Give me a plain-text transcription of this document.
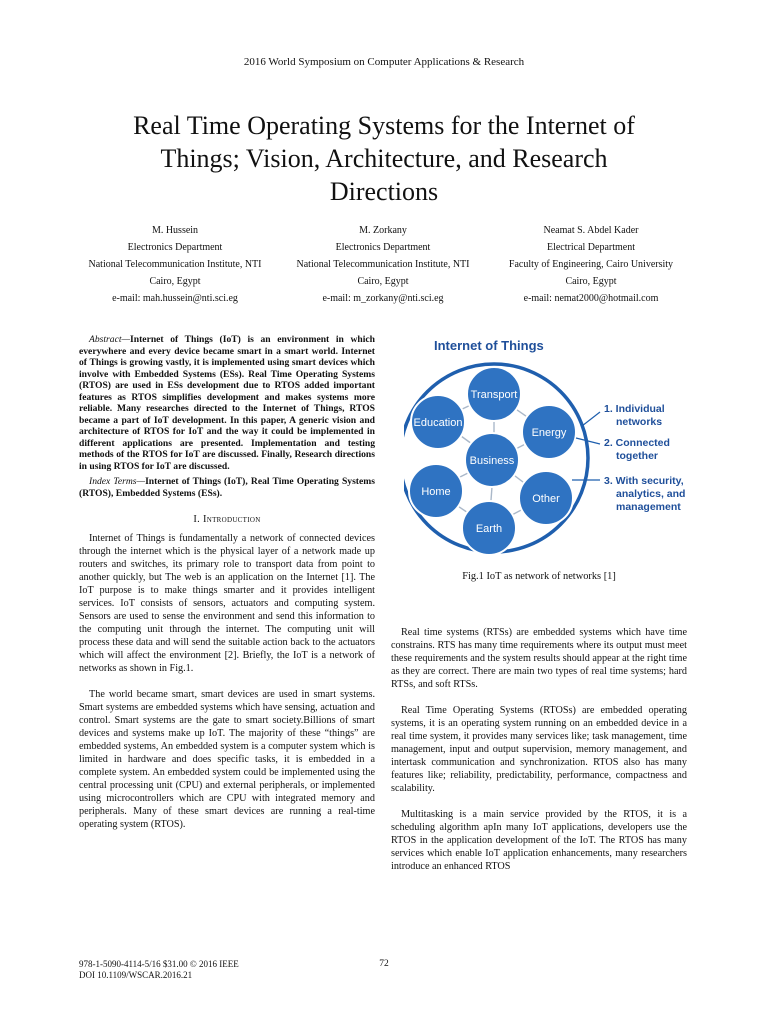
2016 World Symposium on Computer Applications & Research
Real Time Operating Systems for the Internet of
Things; Vision, Architecture, and Research
Directions
M. Hussein
Electronics Department
National Telecommunication Institute, NTI
Cairo, Egypt
e-mail: mah.hussein@nti.sci.eg
M. Zorkany
Electronics Department
National Telecommunication Institute, NTI
Cairo, Egypt
e-mail: m_zorkany@nti.sci.eg
Neamat S. Abdel Kader
Electrical Department
Faculty of Engineering, Cairo University
Cairo, Egypt
e-mail: nemat2000@hotmail.com

Abstract—Internet of Things (IoT) is an environment in which everywhere and every device became smart in a smart world. Internet of Things is growing vastly, it is implemented using smart devices which involve with Embedded Systems (ESs). Real Time Operating Systems (RTOS) are used in ESs development due to RTOS added important features as RTOS simplifies development and makes systems more reliable. Many researches directed to the Internet of Things, RTOS became a part of IoT development. In this paper, A generic vision and architecture of RTOS for IoT and the way it could be implemented in different applications are presented. Implementation and testing methods of the RTOS for IoT are discussed. Finally, Research directions in using RTOS for IoT are discussed.

Index Terms—Internet of Things (IoT), Real Time Operating Systems (RTOS), Embedded Systems (ESs).

I. Introduction

Internet of Things is fundamentally a network of connected devices through the internet which is the physical layer of a network made up routers and switches, its primary role to transport data from point to another quickly, but The web is an application on the Internet [1]. The IoT purpose is to make things smarter and it provides intelligent services. IoT consists of sensors, actuators and computing system. Sensors are used to sense the environment and send this information to the computing unit through the internet. The computing unit will process these data and will send the suitable action back to the actuators which will affect the environment [2]. Briefly, the IoT is a network of networks as shown in Fig.1.

The world became smart, smart devices are used in smart systems. Smart systems are embedded systems which have sensing, actuation and control. Smart systems are the gate to smart society.Billions of smart devices and systems make up IoT. The majority of these “things” are embedded systems, An embedded system is a computer system which is limited in hardware and does specific tasks, it is embedded in a complete system. An embedded system could be implemented using the central processing unit (CPU) and external peripherals, or implemented using microcontrollers which are CPU with integrated memory and peripherals. Many of these smart devices are running a real-time operating system (RTOS).

Internet of Things
Transport
Education
Energy
Business
Home
Other
Earth
1. Individual
networks
2. Connected
together
3. With security,
analytics, and
management
Fig.1 IoT as network of networks [1]

Real time systems (RTSs) are embedded systems which have time constrains. RTS has many time requirements where its output must meet these requirements and the system results should appear at the right time as they are correct. There are main two types of real time systems; hard RTSs, and soft RTSs.

Real Time Operating Systems (RTOSs) are embedded operating systems, it is an operating system running on an embedded device in a real time system, it provides many services like; task management, time management, input and output supervision, memory management, and intertask communication and synchronization. RTOS also has many features like; reliability, predictability, performance, compactness and scalability.

Multitasking is a main service provided by the RTOS, it is a scheduling algorithm apIn many IoT applications, developers use the RTOS in the application development of the IoT. The RTOS has many services which enable IoT application enhancements, many researchers introduce an enhanced RTOS

978-1-5090-4114-5/16 $31.00 © 2016 IEEE
DOI 10.1109/WSCAR.2016.21
72
